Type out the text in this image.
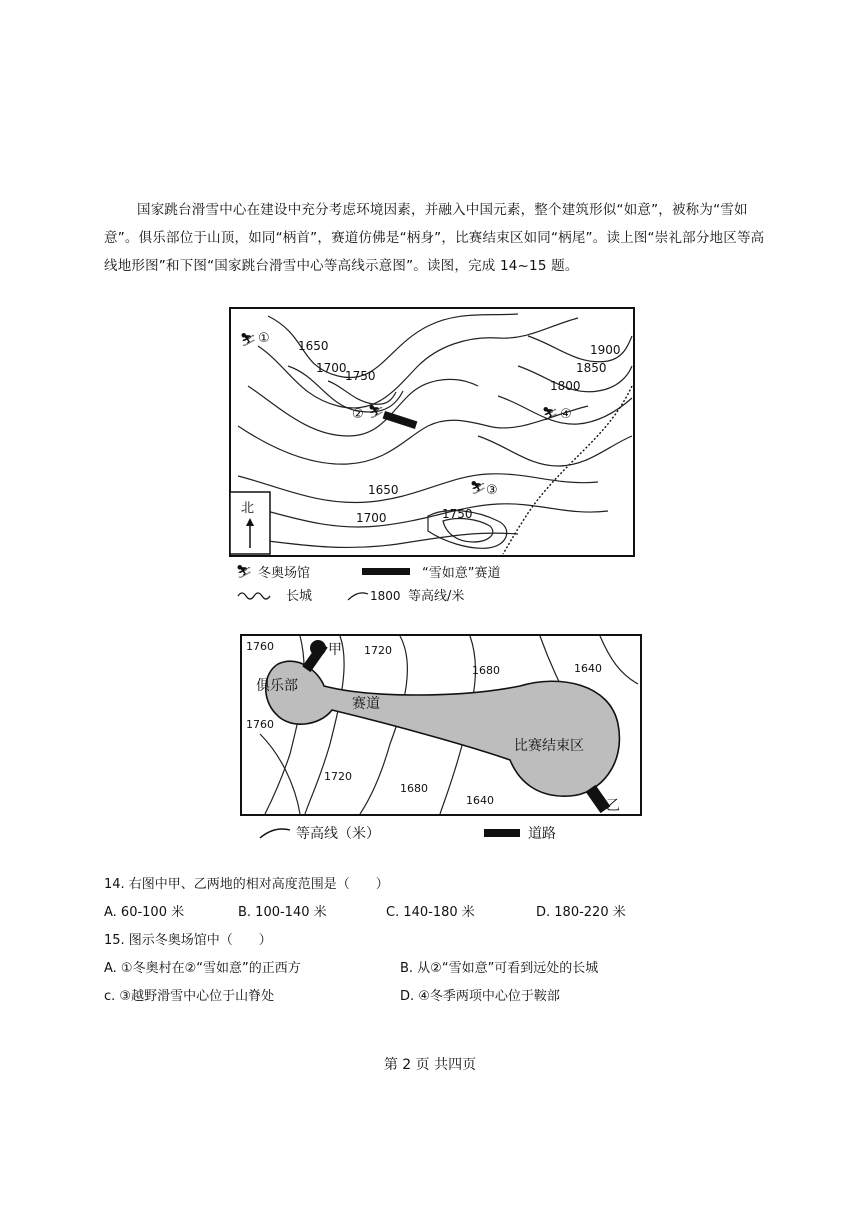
国家跳台滑雪中心在建设中充分考虑环境因素，并融入中国元素，整个建筑形似“如意”，被称为“雪如意”。俱乐部位于山顶，如同“柄首”，赛道仿佛是“柄身”，比赛结束区如同“柄尾”。读上图“崇礼部分地区等高线地形图”和下图“国家跳台滑雪中心等高线示意图”。读图，完成 14~15 题。
1650
1700
1750
1900
1850
1800
1650
1700	1750
⛷ ①
② ⛷
⛷ ③
⛷ ④
北
⛷ 冬奥场馆	“雪如意”赛道
长城	1800 等高线/米
1760	1720
1680	1640
1760
1720
1680
1640
俱乐部
赛道
比赛结束区
甲
乙
等高线（米）	道路
14. 右图中甲、乙两地的相对高度范围是（　　）
A. 60-100 米	B. 100-140 米	C. 140-180 米	D. 180-220 米
15. 图示冬奥场馆中（　　）
A. ①冬奥村在②“雪如意”的正西方	B. 从②“雪如意”可看到远处的长城
c. ③越野滑雪中心位于山脊处	D. ④冬季两项中心位于鞍部
第 2 页 共四页
